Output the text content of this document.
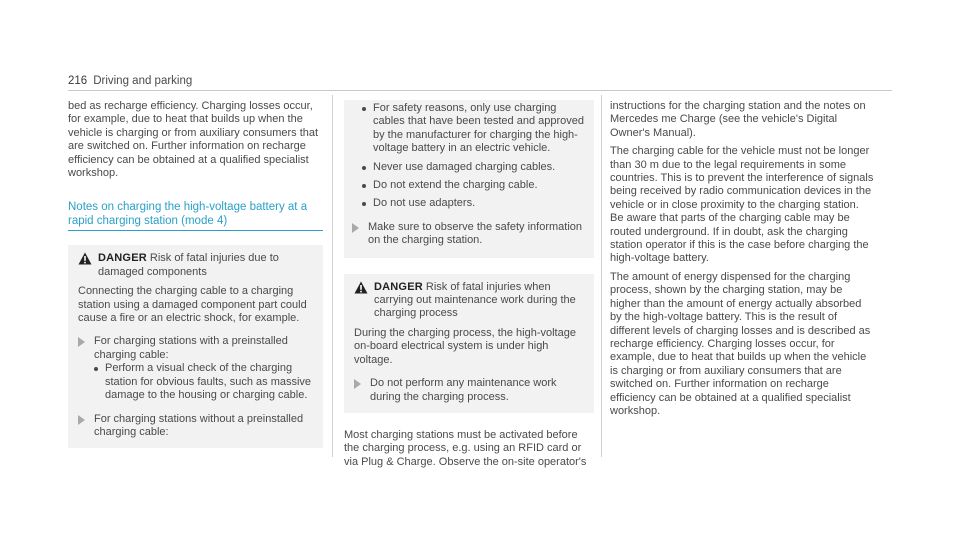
216 Driving and parking

bed as recharge efficiency. Charging losses occur, for example, due to heat that builds up when the vehicle is charging or from auxiliary consumers that are switched on. Further information on recharge efficiency can be obtained at a qualified specialist workshop.

Notes on charging the high-voltage battery at a rapid charging station (mode 4)
DANGER Risk of fatal injuries due to damaged components
Connecting the charging cable to a charging station using a damaged component part could cause a fire or an electric shock, for example.
For charging stations with a preinstalled charging cable:
Perform a visual check of the charging station for obvious faults, such as massive damage to the housing or charging cable.
For charging stations without a preinstalled charging cable:
For safety reasons, only use charging cables that have been tested and approved by the manufacturer for charging the high-voltage battery in an electric vehicle.
Never use damaged charging cables.
Do not extend the charging cable.
Do not use adapters.
Make sure to observe the safety information on the charging station.
DANGER Risk of fatal injuries when carrying out maintenance work during the charging process
During the charging process, the high-voltage on-board electrical system is under high voltage.
Do not perform any maintenance work during the charging process.

Most charging stations must be activated before the charging process, e.g. using an RFID card or via Plug & Charge. Observe the on-site operator's

instructions for the charging station and the notes on Mercedes me Charge (see the vehicle's Digital Owner's Manual).

The charging cable for the vehicle must not be longer than 30 m due to the legal requirements in some countries. This is to prevent the interference of signals being received by radio communication devices in the vehicle or in close proximity to the charging station. Be aware that parts of the charging cable may be routed underground. If in doubt, ask the charging station operator if this is the case before charging the high-voltage battery.

The amount of energy dispensed for the charging process, shown by the charging station, may be higher than the amount of energy actually absorbed by the high-voltage battery. This is the result of different levels of charging losses and is described as recharge efficiency. Charging losses occur, for example, due to heat that builds up when the vehicle is charging or from auxiliary consumers that are switched on. Further information on recharge efficiency can be obtained at a qualified specialist workshop.
